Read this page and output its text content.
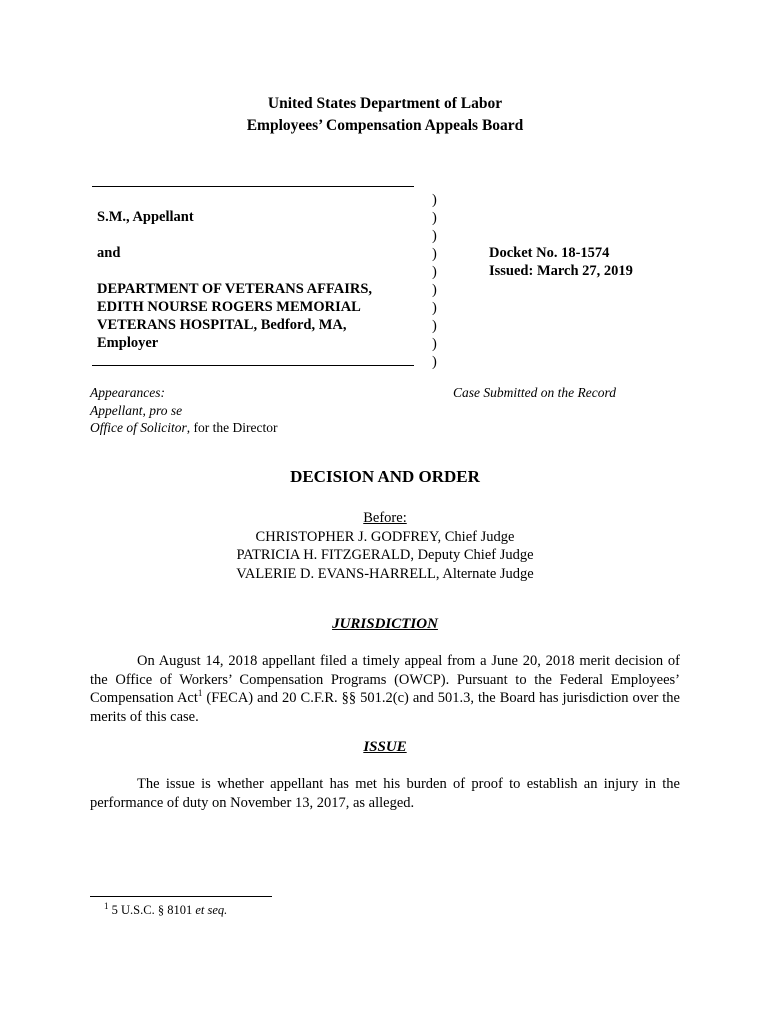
United States Department of Labor
Employees’ Compensation Appeals Board
S.M., Appellant
and
DEPARTMENT OF VETERANS AFFAIRS,
EDITH NOURSE ROGERS MEMORIAL
VETERANS HOSPITAL, Bedford, MA,
Employer
)
)
)
)
)
)
)
)
)
)
Docket No. 18-1574
Issued: March 27, 2019
Appearances:
Appellant, pro se
Office of Solicitor, for the Director
Case Submitted on the Record
DECISION AND ORDER
Before:
CHRISTOPHER J. GODFREY, Chief Judge
PATRICIA H. FITZGERALD, Deputy Chief Judge
VALERIE D. EVANS-HARRELL, Alternate Judge
JURISDICTION
On August 14, 2018 appellant filed a timely appeal from a June 20, 2018 merit decision of the Office of Workers’ Compensation Programs (OWCP). Pursuant to the Federal Employees’ Compensation Act$^1$ (FECA) and 20 C.F.R. §§ 501.2(c) and 501.3, the Board has jurisdiction over the merits of this case.
ISSUE
The issue is whether appellant has met his burden of proof to establish an injury in the performance of duty on November 13, 2017, as alleged.
$^1$ 5 U.S.C. § 8101 et seq.
